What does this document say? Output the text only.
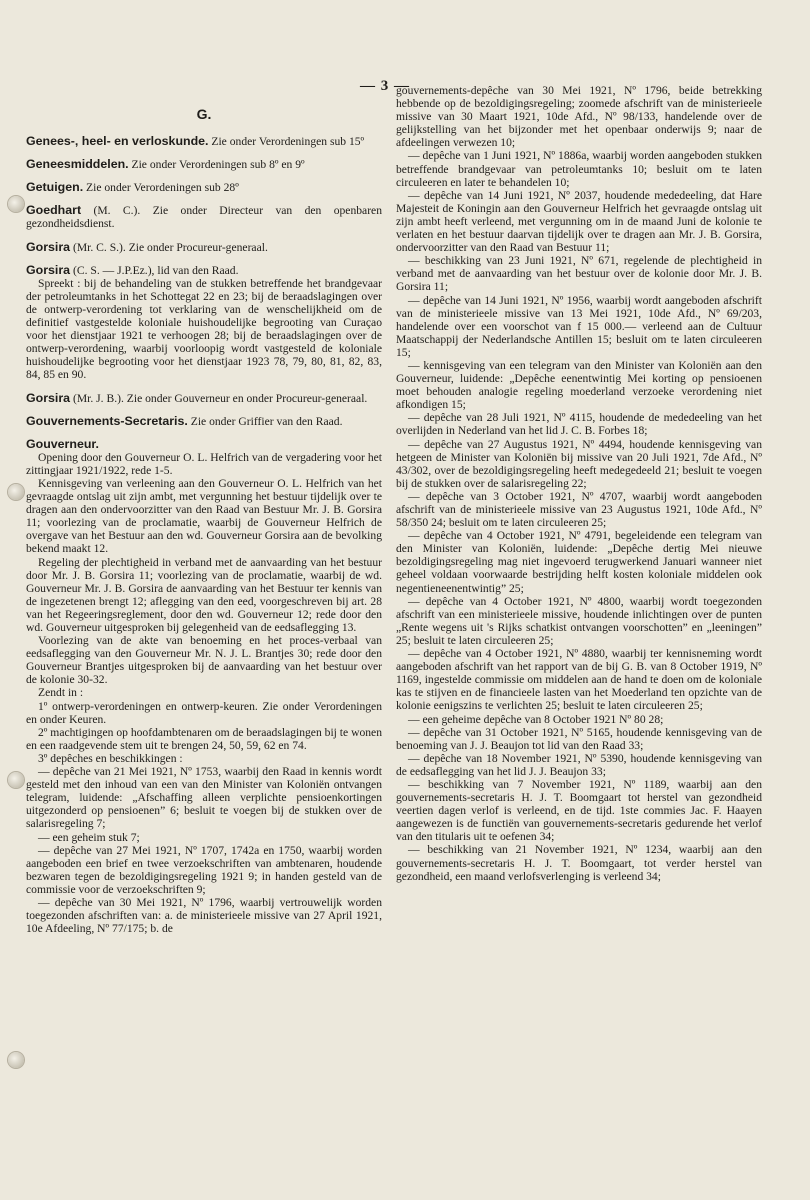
— 3 —
G.

Genees-, heel- en verloskunde. Zie onder Verordeningen sub 15º

Geneesmiddelen. Zie onder Verordeningen sub 8º en 9º

Getuigen. Zie onder Verordeningen sub 28º

Goedhart (M. C.). Zie onder Directeur van den openbaren gezondheidsdienst.

Gorsira (Mr. C. S.). Zie onder Procureur-generaal.

Gorsira (C. S. — J.P.Ez.), lid van den Raad.

Spreekt : bij de behandeling van de stukken betreffende het brandgevaar der petroleumtanks in het Schottegat 22 en 23; bij de beraadslagingen over de ontwerp-verordening tot verklaring van de wenschelijkheid om de definitief vastgestelde koloniale huishoudelijke begrooting van Curaçao voor het dienstjaar 1921 te verhoogen 28; bij de beraadslagingen over de ontwerp-verordening, waarbij voorloopig wordt vastgesteld de koloniale huishoudelijke begrooting voor het dienstjaar 1923 78, 79, 80, 81, 82, 83, 84, 85 en 90.

Gorsira (Mr. J. B.). Zie onder Gouverneur en onder Procureur-generaal.

Gouvernements-Secretaris. Zie onder Griffier van den Raad.

Gouverneur.

Opening door den Gouverneur O. L. Helfrich van de vergadering voor het zittingjaar 1921/1922, rede 1-5.

Kennisgeving van verleening aan den Gouverneur O. L. Helfrich van het gevraagde ontslag uit zijn ambt, met vergunning het bestuur tijdelijk over te dragen aan den ondervoorzitter van den Raad van Bestuur Mr. J. B. Gorsira 11; voorlezing van de proclamatie, waarbij de Gouverneur Helfrich de overgave van het Bestuur aan den wd. Gouverneur Gorsira aan de bevolking bekend maakt 12.

Regeling der plechtigheid in verband met de aanvaarding van het bestuur door Mr. J. B. Gorsira 11; voorlezing van de proclamatie, waarbij de wd. Gouverneur Mr. J. B. Gorsira de aanvaarding van het Bestuur ter kennis van de ingezetenen brengt 12; aflegging van den eed, voorgeschreven bij art. 28 van het Regeeringsreglement, door den wd. Gouverneur 12; rede door den wd. Gouverneur uitgesproken bij gelegenheid van de eedsaflegging 13.

Voorlezing van de akte van benoeming en het proces-verbaal van eedsaflegging van den Gouverneur Mr. N. J. L. Brantjes 30; rede door den Gouverneur Brantjes uitgesproken bij de aanvaarding van het bestuur over de kolonie 30-32.

Zendt in :

1º ontwerp-verordeningen en ontwerp-keuren. Zie onder Verordeningen en onder Keuren.

2º machtigingen op hoofdambtenaren om de beraadslagingen bij te wonen en een raadgevende stem uit te brengen 24, 50, 59, 62 en 74.

3º depêches en beschikkingen :

— depêche van 21 Mei 1921, Nº 1753, waarbij den Raad in kennis wordt gesteld met den inhoud van een van den Minister van Koloniën ontvangen telegram, luidende: „Afschaffing alleen verplichte pensioenkortingen uitgezonderd op pensioenen” 6; besluit te voegen bij de stukken over de salarisregeling 7;

— een geheim stuk 7;

— depêche van 27 Mei 1921, Nº 1707, 1742a en 1750, waarbij worden aangeboden een brief en twee verzoekschriften van ambtenaren, houdende bezwaren tegen de bezoldigingsregeling 1921 9; in handen gesteld van de commissie voor de verzoekschriften 9;

— depêche van 30 Mei 1921, Nº 1796, waarbij vertrouwelijk worden toegezonden afschriften van: a. de ministerieele missive van 27 April 1921, 10e Afdeeling, Nº 77/175; b. de

gouvernements-depêche van 30 Mei 1921, Nº 1796, beide betrekking hebbende op de bezoldigingsregeling; zoomede afschrift van de ministerieele missive van 30 Maart 1921, 10de Afd., Nº 98/133, handelende over de gelijkstelling van het bijzonder met het openbaar onderwijs 9; naar de afdeelingen verwezen 10;

— depêche van 1 Juni 1921, Nº 1886a, waarbij worden aangeboden stukken betreffende brandgevaar van petroleumtanks 10; besluit om te laten circuleeren en later te behandelen 10;

— depêche van 14 Juni 1921, Nº 2037, houdende mededeeling, dat Hare Majesteit de Koningin aan den Gouverneur Helfrich het gevraagde ontslag uit zijn ambt heeft verleend, met vergunning om in de maand Juni de kolonie te verlaten en het bestuur daarvan tijdelijk over te dragen aan Mr. J. B. Gorsira, ondervoorzitter van den Raad van Bestuur 11;

— beschikking van 23 Juni 1921, Nº 671, regelende de plechtigheid in verband met de aanvaarding van het bestuur over de kolonie door Mr. J. B. Gorsira 11;

— depêche van 14 Juni 1921, Nº 1956, waarbij wordt aangeboden afschrift van de ministerieele missive van 13 Mei 1921, 10de Afd., Nº 69/203, handelende over een voorschot van f 15 000.— verleend aan de Cultuur Maatschappij der Nederlandsche Antillen 15; besluit om te laten circuleeren 15;

— kennisgeving van een telegram van den Minister van Koloniën aan den Gouverneur, luidende: „Depêche eenentwintig Mei korting op pensioenen moet behouden analogie regeling moederland verzoeke verordening niet afkondigen 15;

— depêche van 28 Juli 1921, Nº 4115, houdende de mededeeling van het overlijden in Nederland van het lid J. C. B. Forbes 18;

— depêche van 27 Augustus 1921, Nº 4494, houdende kennisgeving van hetgeen de Minister van Koloniën bij missive van 20 Juli 1921, 7de Afd., Nº 43/302, over de bezoldigingsregeling heeft medegedeeld 21; besluit te voegen bij de stukken over de salarisregeling 22;

— depêche van 3 October 1921, Nº 4707, waarbij wordt aangeboden afschrift van de ministerieele missive van 23 Augustus 1921, 10de Afd., Nº 58/350 24; besluit om te laten circuleeren 25;

— depêche van 4 October 1921, Nº 4791, begeleidende een telegram van den Minister van Koloniën, luidende: „Depêche dertig Mei nieuwe bezoldigingsregeling mag niet ingevoerd terugwerkend Januari wanneer niet geheel voldaan voorwaarde bestrijding helft kosten koloniale middelen ook negentieneenentwintig” 25;

— depêche van 4 October 1921, Nº 4800, waarbij wordt toegezonden afschrift van een ministerieele missive, houdende inlichtingen over de punten „Rente wegens uit 's Rijks schatkist ontvangen voorschotten” en „leeningen” 25; besluit te laten circuleeren 25;

— depêche van 4 October 1921, Nº 4880, waarbij ter kennisneming wordt aangeboden afschrift van het rapport van de bij G. B. van 8 October 1919, Nº 1169, ingestelde commissie om middelen aan de hand te doen om de koloniale kas te stijven en de financieele lasten van het Moederland ten opzichte van de kolonie eenigszins te verlichten 25; besluit te laten circuleeren 25;

— een geheime depêche van 8 October 1921 Nº 80 28;

— depêche van 31 October 1921, Nº 5165, houdende kennisgeving van de benoeming van J. J. Beaujon tot lid van den Raad 33;

— depêche van 18 November 1921, Nº 5390, houdende kennisgeving van de eedsaflegging van het lid J. J. Beaujon 33;

— beschikking van 7 November 1921, Nº 1189, waarbij aan den gouvernements-secretaris H. J. T. Boomgaart tot herstel van gezondheid veertien dagen verlof is verleend, en de tijd. 1ste commies Jac. F. Haayen aangewezen is de functiën van gouvernements-secretaris gedurende het verlof van den titularis uit te oefenen 34;

— beschikking van 21 November 1921, Nº 1234, waarbij aan den gouvernements-secretaris H. J. T. Boomgaart, tot verder herstel van gezondheid, een maand verlofsverlenging is verleend 34;
